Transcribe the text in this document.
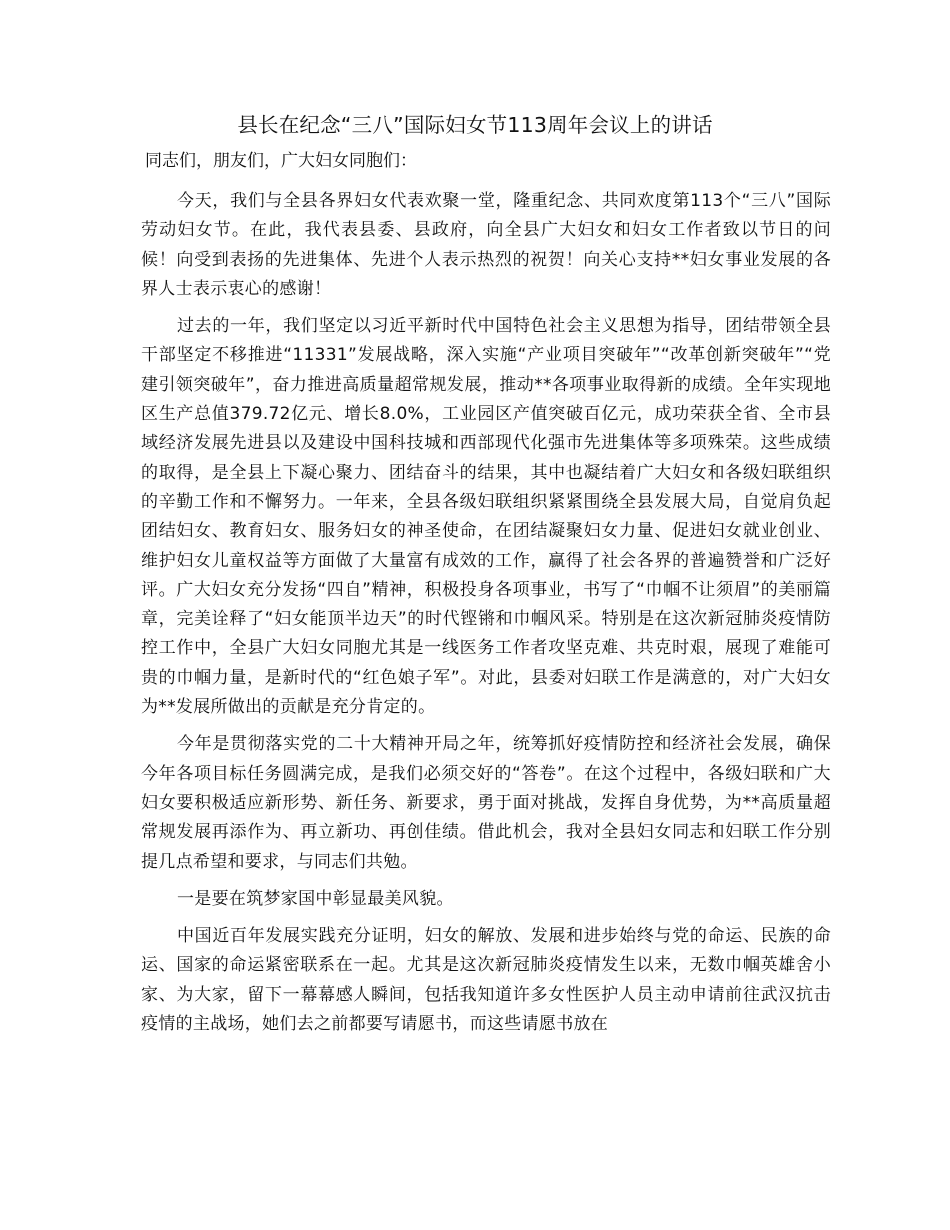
县长在纪念“三八”国际妇女节113周年会议上的讲话

同志们，朋友们，广大妇女同胞们：

今天，我们与全县各界妇女代表欢聚一堂，隆重纪念、共同欢度第113个“三八”国际劳动妇女节。在此，我代表县委、县政府，向全县广大妇女和妇女工作者致以节日的问候！向受到表扬的先进集体、先进个人表示热烈的祝贺！向关心支持**妇女事业发展的各界人士表示衷心的感谢！

过去的一年，我们坚定以习近平新时代中国特色社会主义思想为指导，团结带领全县干部坚定不移推进“11331”发展战略，深入实施“产业项目突破年”“改革创新突破年”“党建引领突破年”，奋力推进高质量超常规发展，推动**各项事业取得新的成绩。全年实现地区生产总值379.72亿元、增长8.0%，工业园区产值突破百亿元，成功荣获全省、全市县域经济发展先进县以及建设中国科技城和西部现代化强市先进集体等多项殊荣。这些成绩的取得，是全县上下凝心聚力、团结奋斗的结果，其中也凝结着广大妇女和各级妇联组织的辛勤工作和不懈努力。一年来，全县各级妇联组织紧紧围绕全县发展大局，自觉肩负起团结妇女、教育妇女、服务妇女的神圣使命，在团结凝聚妇女力量、促进妇女就业创业、维护妇女儿童权益等方面做了大量富有成效的工作，赢得了社会各界的普遍赞誉和广泛好评。广大妇女充分发扬“四自”精神，积极投身各项事业，书写了“巾帼不让须眉”的美丽篇章，完美诠释了“妇女能顶半边天”的时代铿锵和巾帼风采。特别是在这次新冠肺炎疫情防控工作中，全县广大妇女同胞尤其是一线医务工作者攻坚克难、共克时艰，展现了难能可贵的巾帼力量，是新时代的“红色娘子军”。对此，县委对妇联工作是满意的，对广大妇女为**发展所做出的贡献是充分肯定的。

今年是贯彻落实党的二十大精神开局之年，统筹抓好疫情防控和经济社会发展，确保今年各项目标任务圆满完成，是我们必须交好的“答卷”。在这个过程中，各级妇联和广大妇女要积极适应新形势、新任务、新要求，勇于面对挑战，发挥自身优势，为**高质量超常规发展再添作为、再立新功、再创佳绩。借此机会，我对全县妇女同志和妇联工作分别提几点希望和要求，与同志们共勉。

一是要在筑梦家国中彰显最美风貌。

中国近百年发展实践充分证明，妇女的解放、发展和进步始终与党的命运、民族的命运、国家的命运紧密联系在一起。尤其是这次新冠肺炎疫情发生以来，无数巾帼英雄舍小家、为大家，留下一幕幕感人瞬间，包括我知道许多女性医护人员主动申请前往武汉抗击疫情的主战场，她们去之前都要写请愿书，而这些请愿书放在
